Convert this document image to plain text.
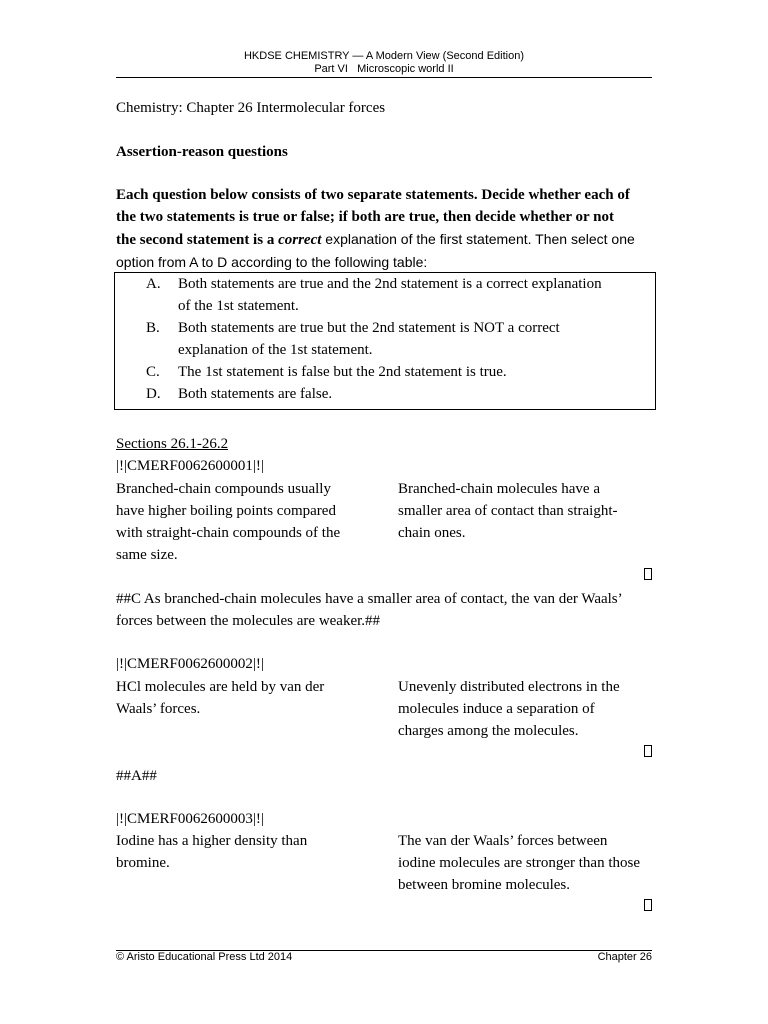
HKDSE CHEMISTRY — A Modern View (Second Edition)
Part VI   Microscopic world II
Chemistry: Chapter 26 Intermolecular forces
Assertion-reason questions
Each question below consists of two separate statements. Decide whether each of
the two statements is true or false; if both are true, then decide whether or not
the second statement is a correct explanation of the first statement. Then select one
option from A to D according to the following table:
A. Both statements are true and the 2nd statement is a correct explanation
of the 1st statement.
B. Both statements are true but the 2nd statement is NOT a correct
explanation of the 1st statement.
C. The 1st statement is false but the 2nd statement is true.
D. Both statements are false.
Sections 26.1-26.2
|!|CMERF0062600001|!|
Branched-chain compounds usually
have higher boiling points compared
with straight-chain compounds of the
same size.
Branched-chain molecules have a
smaller area of contact than straight-
chain ones.
##C As branched-chain molecules have a smaller area of contact, the van der Waals’
forces between the molecules are weaker.##
|!|CMERF0062600002|!|
HCl molecules are held by van der
Waals’ forces.
Unevenly distributed electrons in the
molecules induce a separation of
charges among the molecules.
##A##
|!|CMERF0062600003|!|
Iodine has a higher density than
bromine.
The van der Waals’ forces between
iodine molecules are stronger than those
between bromine molecules.
© Aristo Educational Press Ltd 2014	Chapter 26
